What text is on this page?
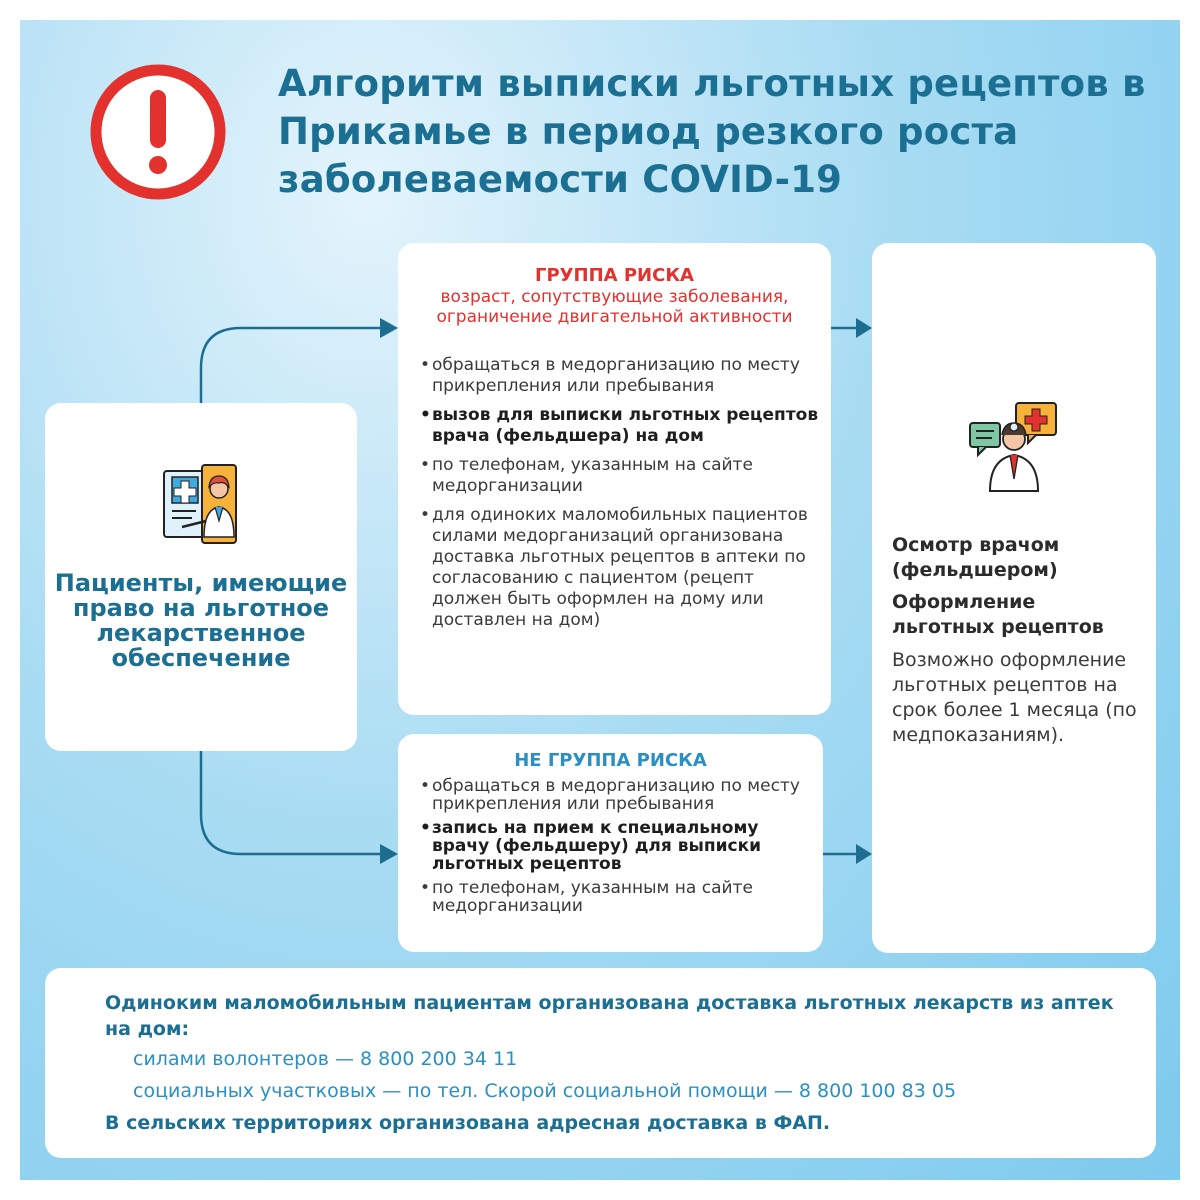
Алгоритм выписки льготных рецептов в Прикамье в период резкого роста заболеваемости COVID-19

Пациенты, имеющие право на льготное лекарственное обеспечение

ГРУППА РИСКА

возраст, сопутствующие заболевания, ограничение двигательной активности

• обращаться в медорганизацию по месту прикрепления или пребывания
• вызов для выписки льготных рецептов врача (фельдшера) на дом
• по телефонам, указанным на сайте медорганизации
• для одиноких маломобильных пациентов силами медорганизаций организована доставка льготных рецептов в аптеки по согласованию с пациентом (рецепт должен быть оформлен на дому или доставлен на дом)

НЕ ГРУППА РИСКА

• обращаться в медорганизацию по месту прикрепления или пребывания
• запись на прием к специальному врачу (фельдшеру) для выписки льготных рецептов
• по телефонам, указанным на сайте медорганизации

Осмотр врачом (фельдшером)

Оформление льготных рецептов

Возможно оформление льготных рецептов на срок более 1 месяца (по медпоказаниям).

Одиноким маломобильным пациентам организована доставка льготных лекарств из аптек на дом:

силами волонтеров — 8 800 200 34 11

социальных участковых — по тел. Скорой социальной помощи — 8 800 100 83 05

В сельских территориях организована адресная доставка в ФАП.
